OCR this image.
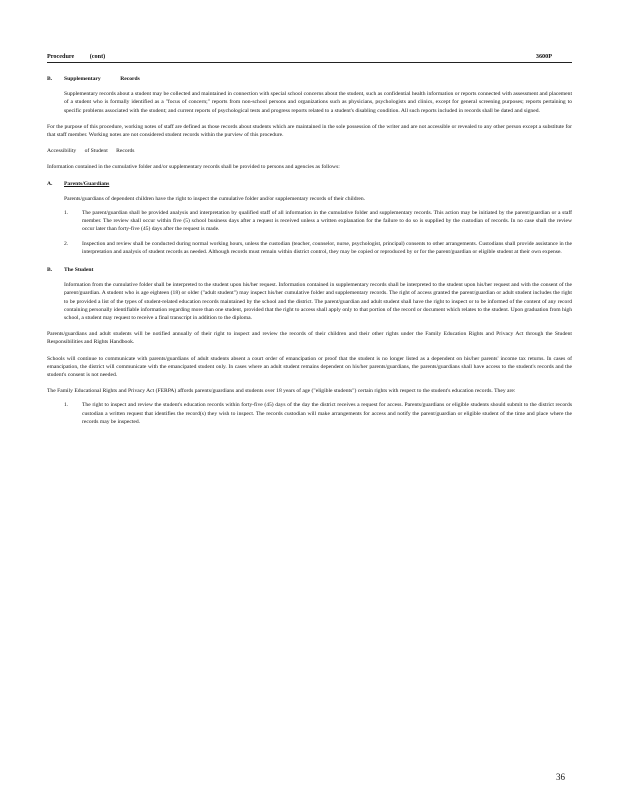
Procedure          (cont)	3600P
B. Supplementary              Records

Supplementary records about a student may be collected and maintained in connection with special school concerns about the student, such as confidential health information or reports connected with assessment and placement of a student who is formally identified as a "focus of concern;" reports from non-school persons and organizations such as physicians, psychologists and clinics, except for general screening purposes; reports pertaining to specific problems associated with the student; and current reports of psychological tests and progress reports related to a student's disabling condition. All such reports included in records shall be dated and signed.

For the purpose of this procedure, working notes of staff are defined as those records about students which are maintained in the sole possession of the writer and are not accessible or revealed to any other person except a substitute for that staff member. Working notes are not considered student records within the purview of this procedure.

Accessibility      of Student      Records

Information contained in the cumulative folder and/or supplementary records shall be provided to persons and agencies as follows:

A. Parents/Guardians

Parents/guardians of dependent children have the right to inspect the cumulative folder and/or supplementary records of their children.

1. The parent/guardian shall be provided analysis and interpretation by qualified staff of all information in the cumulative folder and supplementary records. This action may be initiated by the parent/guardian or a staff member. The review shall occur within five (5) school business days after a request is received unless a written explanation for the failure to do so is supplied by the custodian of records. In no case shall the review occur later than forty-five (45) days after the request is made.
2. Inspection and review shall be conducted during normal working hours, unless the custodian (teacher, counselor, nurse, psychologist, principal) consents to other arrangements. Custodians shall provide assistance in the interpretation and analysis of student records as needed. Although records must remain within district control, they may be copied or reproduced by or for the parent/guardian or eligible student at their own expense.
B. The Student

Information from the cumulative folder shall be interpreted to the student upon his/her request. Information contained in supplementary records shall be interpreted to the student upon his/her request and with the consent of the parent/guardian. A student who is age eighteen (18) or older ("adult student") may inspect his/her cumulative folder and supplementary records. The right of access granted the parent/guardian or adult student includes the right to be provided a list of the types of student-related education records maintained by the school and the district. The parent/guardian and adult student shall have the right to inspect or to be informed of the content of any record containing personally identifiable information regarding more than one student, provided that the right to access shall apply only to that portion of the record or document which relates to the student. Upon graduation from high school, a student may request to receive a final transcript in addition to the diploma.

Parents/guardians and adult students will be notified annually of their right to inspect and review the records of their children and their other rights under the Family Education Rights and Privacy Act through the Student Responsibilities and Rights Handbook.

Schools will continue to communicate with parents/guardians of adult students absent a court order of emancipation or proof that the student is no longer listed as a dependent on his/her parents' income tax returns. In cases of emancipation, the district will communicate with the emancipated student only. In cases where an adult student remains dependent on his/her parents/guardians, the parents/guardians shall have access to the student's records and the student's consent is not needed.

The Family Educational Rights and Privacy Act (FERPA) affords parents/guardians and students over 18 years of age ("eligible students") certain rights with respect to the student's education records. They are:

1. The right to inspect and review the student's education records within forty-five (45) days of the day the district receives a request for access. Parents/guardians or eligible students should submit to the district records custodian a written request that identifies the record(s) they wish to inspect. The records custodian will make arrangements for access and notify the parent/guardian or eligible student of the time and place where the records may be inspected.
36
